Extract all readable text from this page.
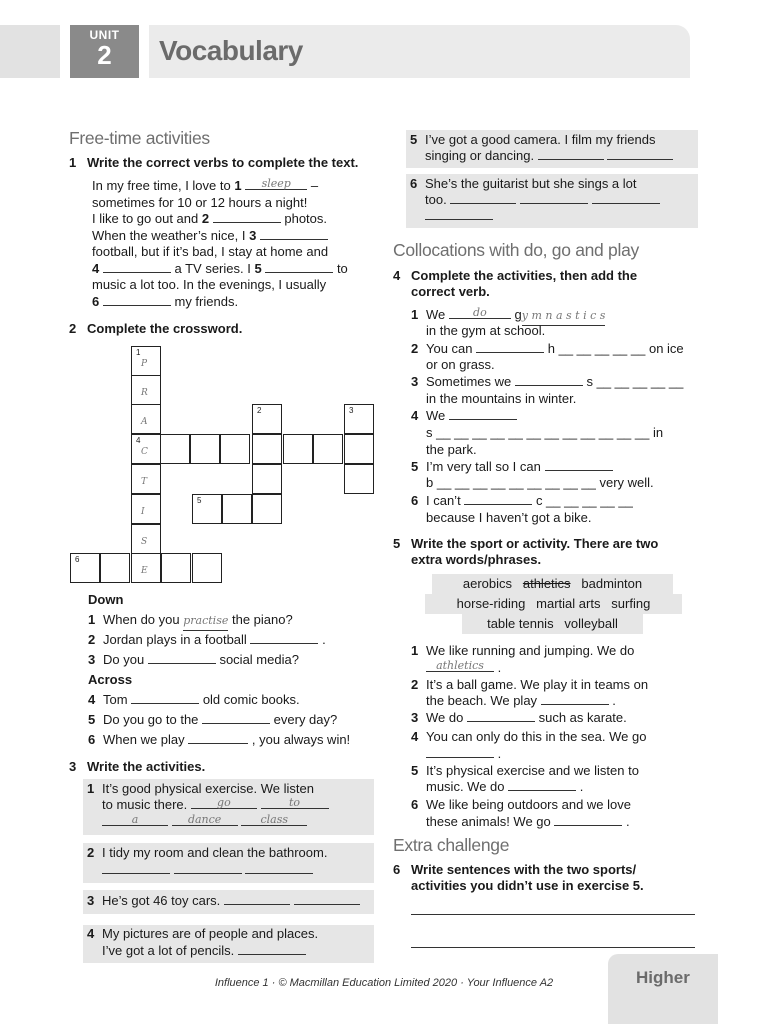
UNIT
2	Vocabulary
Free-time activities
1 Write the correct verbs to complete the text.
In my free time, I love to 1	sleep	–
sometimes for 10 or 12 hours a night!
I like to go out and 2	photos.
When the weather’s nice, I 3
football, but if it’s bad, I stay at home and
4	a TV series. I 5	to
music a lot too. In the evenings, I usually
6	my friends.
2 Complete the crossword.
1
P
R
A
4
C
T
I
S
E
2	3
5
6
Down
1 When do you practise the piano?
2 Jordan plays in a football	.
3 Do you	social media?
Across
4 Tom	old comic books.
5 Do you go to the	every day?
6 When we play	, you always win!
3 Write the activities.
1 It’s good physical exercise. We listen
to music there.	go
	to
a
	dance
	class
2 I tidy my room and clean the bathroom.

3 He’s got 46 toy cars.
4 My pictures are of people and places.
I’ve got a lot of pencils.
5 I’ve got a good camera. I film my friends
singing or dancing.
6 She’s the guitarist but she sings a lot
too.
Collocations with do, go and play
4 Complete the activities, then add the
correct verb.
1 We	do	gy m n a s t i c s
in the gym at school.
2 You can	h __ __ __ __ __ on ice
or on grass.
3 Sometimes we	s __ __ __ __ __
in the mountains in winter.
4 We
s __ __ __ __ __ __ __ __ __ __ __ __ in
the park.
5 I’m very tall so I can
b __ __ __ __ __ __ __ __ __ very well.
6 I can’t	c __ __ __ __ __
because I haven’t got a bike.
5 Write the sport or activity. There are two
extra words/phrases.
aerobics athletics badminton
horse-riding martial arts surfing
table tennis volleyball
1 We like running and jumping. We do
athletics .
2 It’s a ball game. We play it in teams on
the beach. We play	.
3 We do	such as karate.
4 You can only do this in the sea. We go
.
5 It’s physical exercise and we listen to
music. We do	.
6 We like being outdoors and we love
these animals! We go	.
Extra challenge
6 Write sentences with the two sports/
activities you didn’t use in exercise 5.
Influence 1 · © Macmillan Education Limited 2020 · Your Influence A2	Higher
